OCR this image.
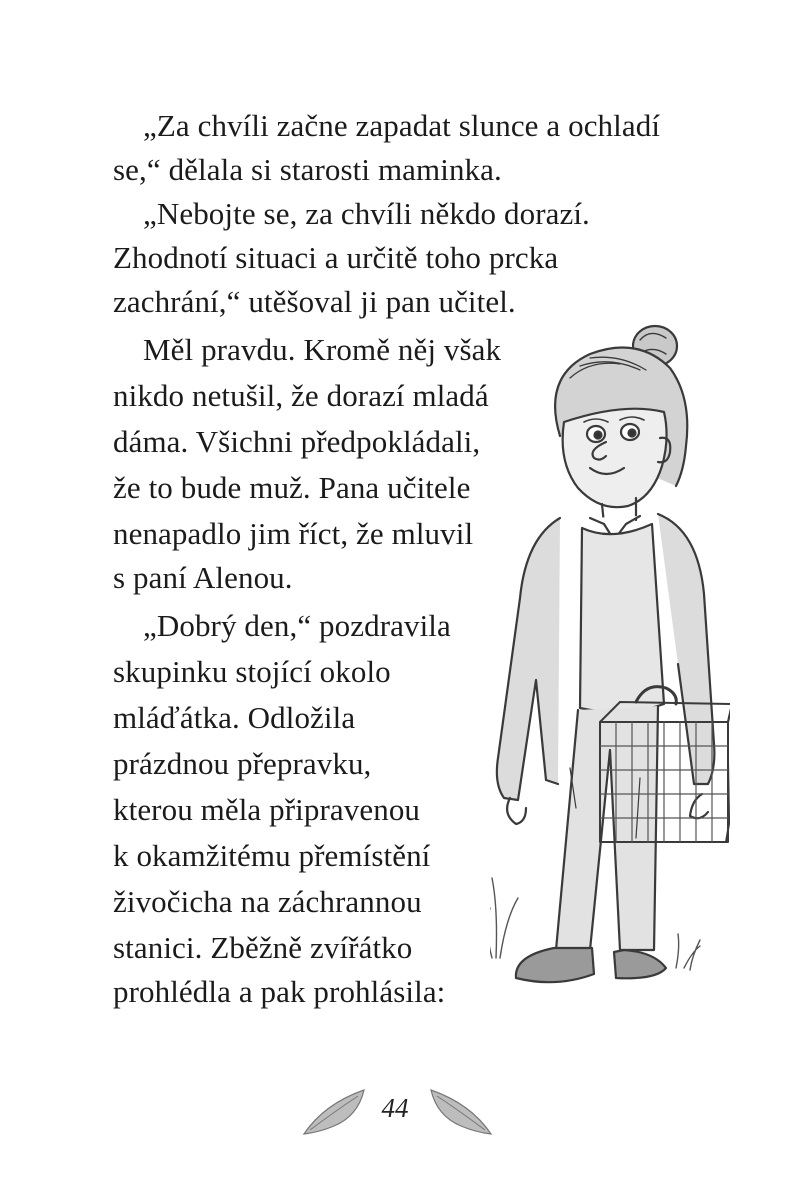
„Za chvíli začne zapadat slunce a ochladí
se,“ dělala si starosti maminka.
„Nebojte se, za chvíli někdo dorazí.
Zhodnotí situaci a určitě toho prcka
zachrání,“ utěšoval ji pan učitel.
Měl pravdu. Kromě něj však
nikdo netušil, že dorazí mladá
dáma. Všichni předpokládali,
že to bude muž. Pana učitele
nenapadlo jim říct, že mluvil
s paní Alenou.
„Dobrý den,“ pozdravila
skupinku stojící okolo
mláďátka. Odložila
prázdnou přepravku,
kterou měla připravenou
k okamžitému přemístění
živočicha na záchrannou
stanici. Zběžně zvířátko
prohlédla a pak prohlásila:
44
